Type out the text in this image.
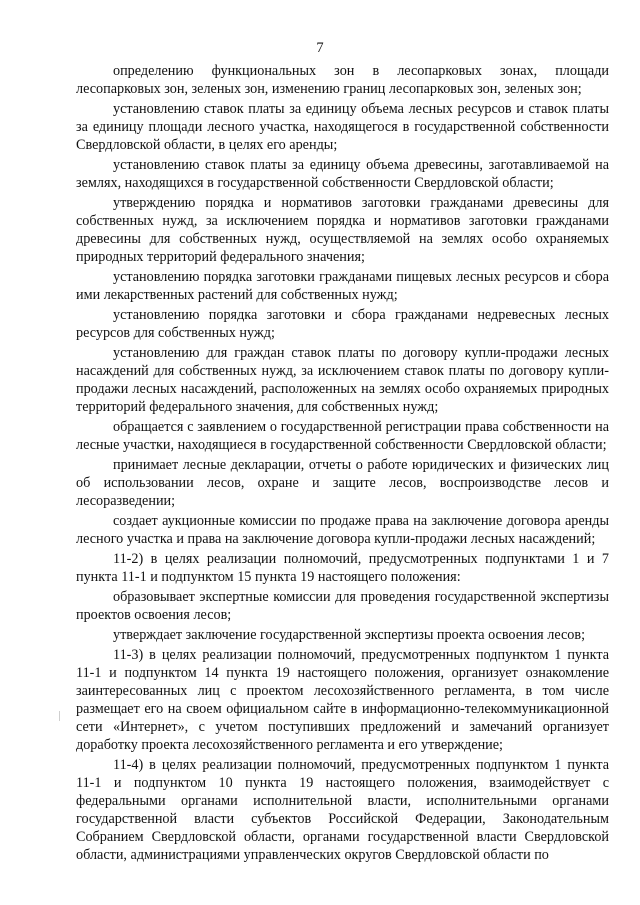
7

определению функциональных зон в лесопарковых зонах, площади лесопарковых зон, зеленых зон, изменению границ лесопарковых зон, зеленых зон;

установлению ставок платы за единицу объема лесных ресурсов и ставок платы за единицу площади лесного участка, находящегося в государственной собственности Свердловской области, в целях его аренды;

установлению ставок платы за единицу объема древесины, заготавливаемой на землях, находящихся в государственной собственности Свердловской области;

утверждению порядка и нормативов заготовки гражданами древесины для собственных нужд, за исключением порядка и нормативов заготовки гражданами древесины для собственных нужд, осуществляемой на землях особо охраняемых природных территорий федерального значения;

установлению порядка заготовки гражданами пищевых лесных ресурсов и сбора ими лекарственных растений для собственных нужд;

установлению порядка заготовки и сбора гражданами недревесных лесных ресурсов для собственных нужд;

установлению для граждан ставок платы по договору купли-продажи лесных насаждений для собственных нужд, за исключением ставок платы по договору купли-продажи лесных насаждений, расположенных на землях особо охраняемых природных территорий федерального значения, для собственных нужд;

обращается с заявлением о государственной регистрации права собственности на лесные участки, находящиеся в государственной собственности Свердловской области;

принимает лесные декларации, отчеты о работе юридических и физических лиц об использовании лесов, охране и защите лесов, воспроизводстве лесов и лесоразведении;

создает аукционные комиссии по продаже права на заключение договора аренды лесного участка и права на заключение договора купли-продажи лесных насаждений;

11-2) в целях реализации полномочий, предусмотренных подпунктами 1 и 7 пункта 11-1 и подпунктом 15 пункта 19 настоящего положения:

образовывает экспертные комиссии для проведения государственной экспертизы проектов освоения лесов;

утверждает заключение государственной экспертизы проекта освоения лесов;

11-3) в целях реализации полномочий, предусмотренных подпунктом 1 пункта 11-1 и подпунктом 14 пункта 19 настоящего положения, организует ознакомление заинтересованных лиц с проектом лесохозяйственного регламента, в том числе размещает его на своем официальном сайте в информационно-телекоммуникационной сети «Интернет», с учетом поступивших предложений и замечаний организует доработку проекта лесохозяйственного регламента и его утверждение;

11-4) в целях реализации полномочий, предусмотренных подпунктом 1 пункта 11-1 и подпунктом 10 пункта 19 настоящего положения, взаимодействует с федеральными органами исполнительной власти, исполнительными органами государственной власти субъектов Российской Федерации, Законодательным Собранием Свердловской области, органами государственной власти Свердловской области, администрациями управленческих округов Свердловской области по
